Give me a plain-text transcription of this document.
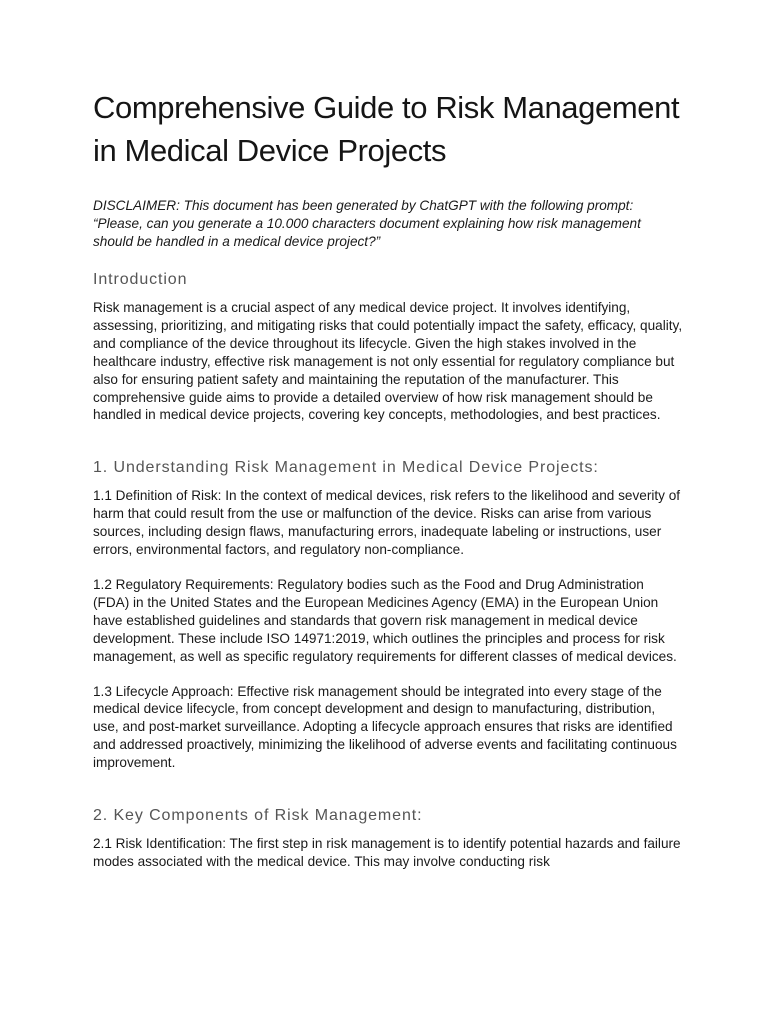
Comprehensive Guide to Risk Management in Medical Device Projects

DISCLAIMER: This document has been generated by ChatGPT with the following prompt: “Please, can you generate a 10.000 characters document explaining how risk management should be handled in a medical device project?”

Introduction

Risk management is a crucial aspect of any medical device project. It involves identifying, assessing, prioritizing, and mitigating risks that could potentially impact the safety, efficacy, quality, and compliance of the device throughout its lifecycle. Given the high stakes involved in the healthcare industry, effective risk management is not only essential for regulatory compliance but also for ensuring patient safety and maintaining the reputation of the manufacturer. This comprehensive guide aims to provide a detailed overview of how risk management should be handled in medical device projects, covering key concepts, methodologies, and best practices.

1. Understanding Risk Management in Medical Device Projects:

1.1 Definition of Risk: In the context of medical devices, risk refers to the likelihood and severity of harm that could result from the use or malfunction of the device. Risks can arise from various sources, including design flaws, manufacturing errors, inadequate labeling or instructions, user errors, environmental factors, and regulatory non-compliance.

1.2 Regulatory Requirements: Regulatory bodies such as the Food and Drug Administration (FDA) in the United States and the European Medicines Agency (EMA) in the European Union have established guidelines and standards that govern risk management in medical device development. These include ISO 14971:2019, which outlines the principles and process for risk management, as well as specific regulatory requirements for different classes of medical devices.

1.3 Lifecycle Approach: Effective risk management should be integrated into every stage of the medical device lifecycle, from concept development and design to manufacturing, distribution, use, and post-market surveillance. Adopting a lifecycle approach ensures that risks are identified and addressed proactively, minimizing the likelihood of adverse events and facilitating continuous improvement.

2. Key Components of Risk Management:

2.1 Risk Identification: The first step in risk management is to identify potential hazards and failure modes associated with the medical device. This may involve conducting risk
